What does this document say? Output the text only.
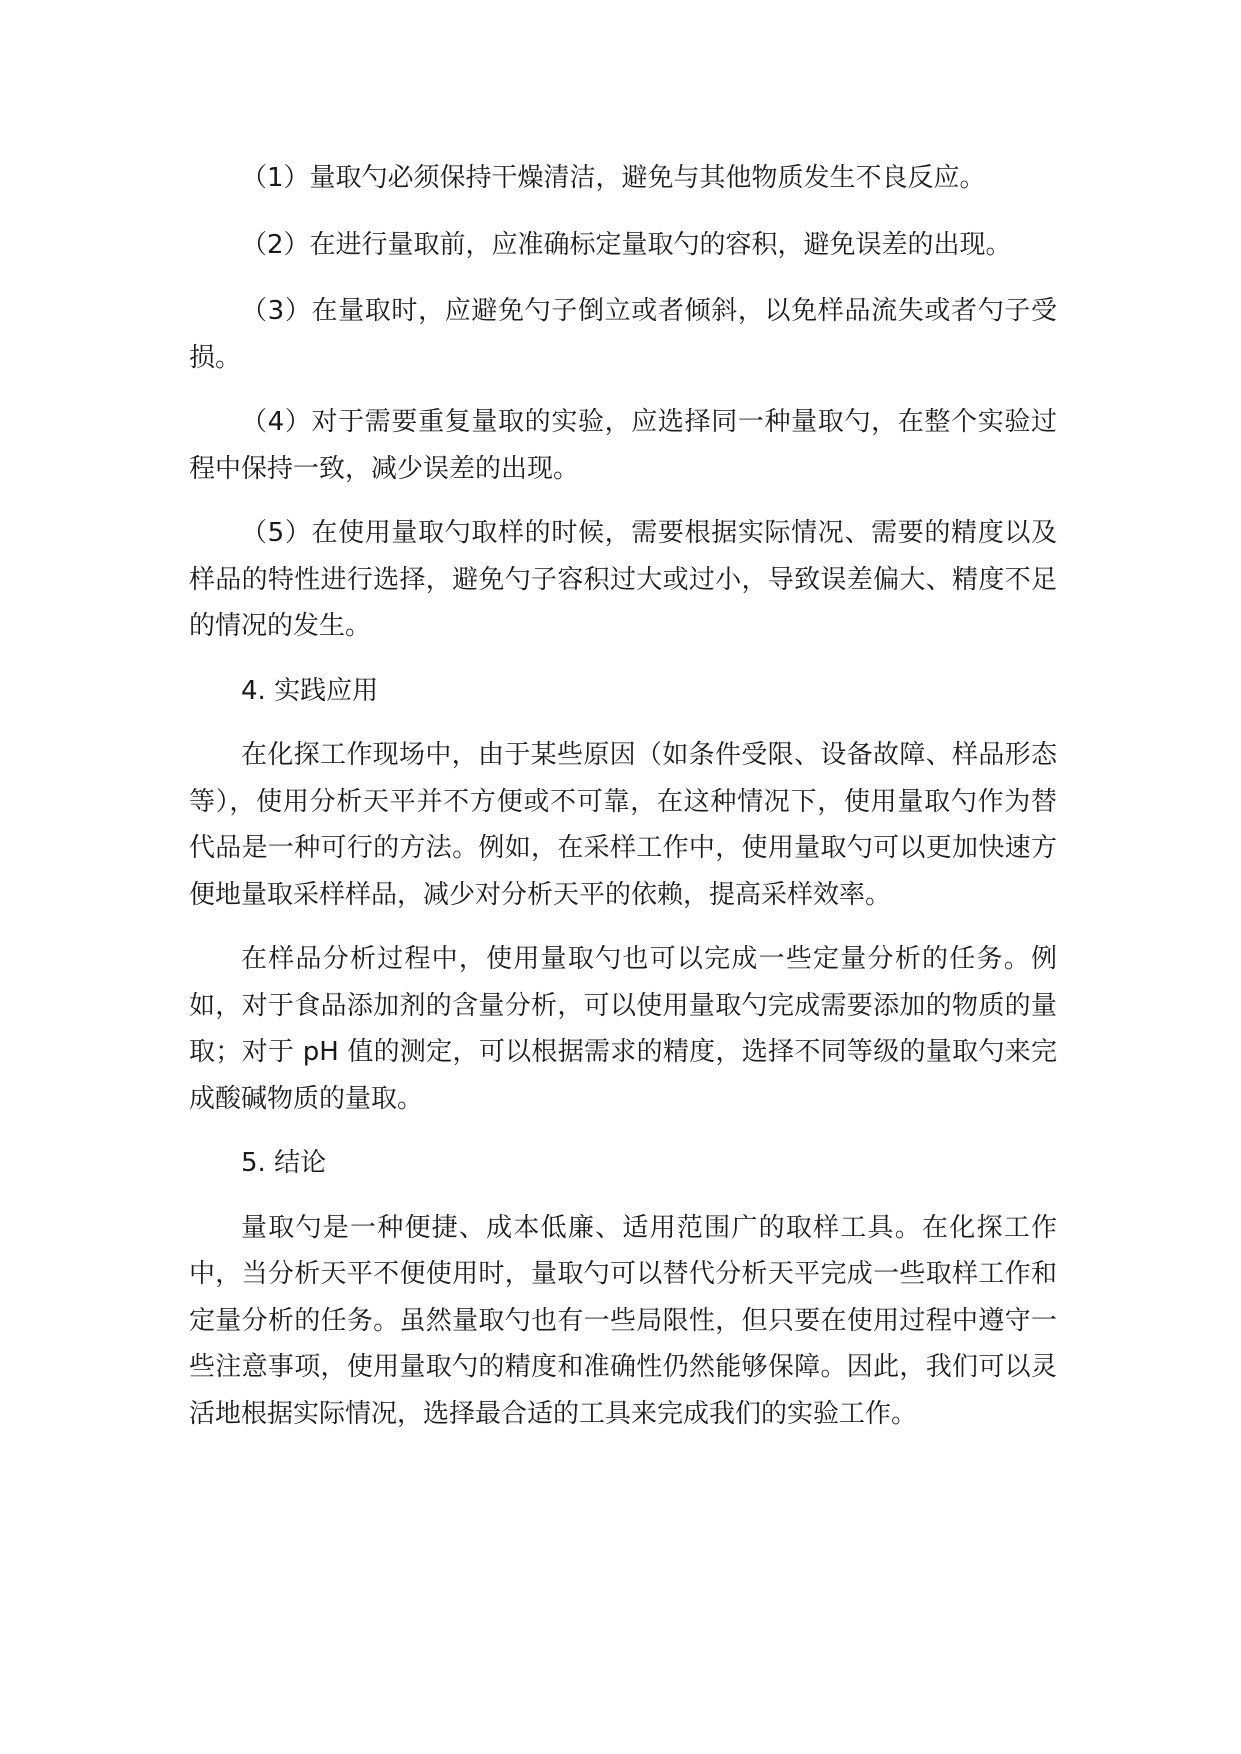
（1）量取勺必须保持干燥清洁，避免与其他物质发生不良反应。

（2）在进行量取前，应准确标定量取勺的容积，避免误差的出现。

（3）在量取时，应避免勺子倒立或者倾斜，以免样品流失或者勺子受损。

（4）对于需要重复量取的实验，应选择同一种量取勺，在整个实验过程中保持一致，减少误差的出现。

（5）在使用量取勺取样的时候，需要根据实际情况、需要的精度以及样品的特性进行选择，避免勺子容积过大或过小，导致误差偏大、精度不足的情况的发生。

4. 实践应用

在化探工作现场中，由于某些原因（如条件受限、设备故障、样品形态等），使用分析天平并不方便或不可靠，在这种情况下，使用量取勺作为替代品是一种可行的方法。例如，在采样工作中，使用量取勺可以更加快速方便地量取采样样品，减少对分析天平的依赖，提高采样效率。

在样品分析过程中，使用量取勺也可以完成一些定量分析的任务。例如，对于食品添加剂的含量分析，可以使用量取勺完成需要添加的物质的量取；对于 pH 值的测定，可以根据需求的精度，选择不同等级的量取勺来完成酸碱物质的量取。

5. 结论

量取勺是一种便捷、成本低廉、适用范围广的取样工具。在化探工作中，当分析天平不便使用时，量取勺可以替代分析天平完成一些取样工作和定量分析的任务。虽然量取勺也有一些局限性，但只要在使用过程中遵守一些注意事项，使用量取勺的精度和准确性仍然能够保障。因此，我们可以灵活地根据实际情况，选择最合适的工具来完成我们的实验工作。
